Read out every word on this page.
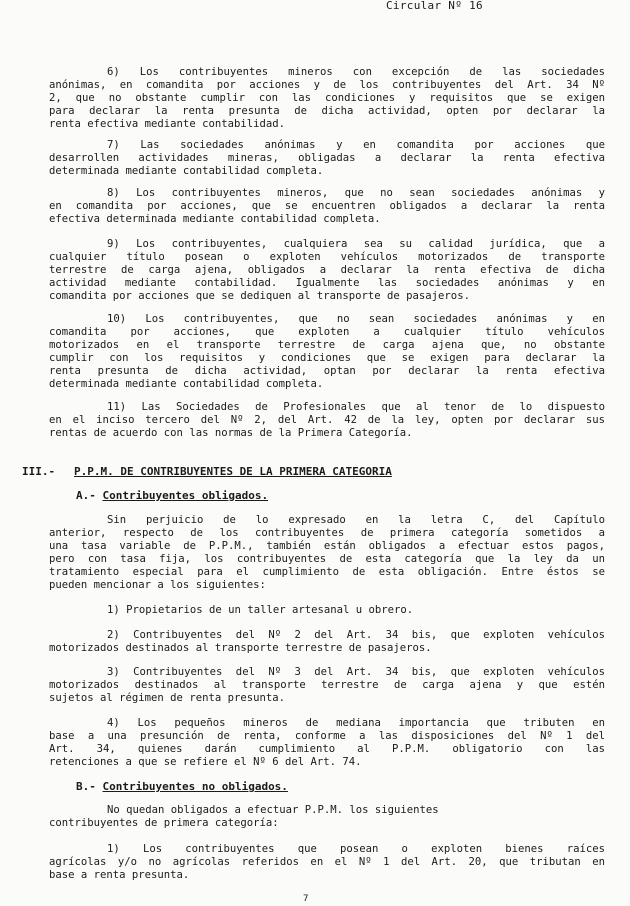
Circular Nº 16
6) Los contribuyentes mineros con excepción de las sociedades
anónimas, en comandita por acciones y de los contribuyentes del Art. 34 Nº
2, que no obstante cumplir con las condiciones y requisitos que se exigen
para declarar la renta presunta de dicha actividad, opten por declarar la
renta efectiva mediante contabilidad.
7) Las sociedades anónimas y en comandita por acciones que
desarrollen actividades mineras, obligadas a declarar la renta efectiva
determinada mediante contabilidad completa.
8) Los contribuyentes mineros, que no sean sociedades anónimas y
en comandita por acciones, que se encuentren obligados a declarar la renta
efectiva determinada mediante contabilidad completa.
9) Los contribuyentes, cualquiera sea su calidad jurídica, que a
cualquier título posean o exploten vehículos motorizados de transporte
terrestre de carga ajena, obligados a declarar la renta efectiva de dicha
actividad mediante contabilidad. Igualmente las sociedades anónimas y en
comandita por acciones que se dediquen al transporte de pasajeros.
10) Los contribuyentes, que no sean sociedades anónimas y en
comandita por acciones, que exploten a cualquier título vehículos
motorizados en el transporte terrestre de carga ajena que, no obstante
cumplir con los requisitos y condiciones que se exigen para declarar la
renta presunta de dicha actividad, optan por declarar la renta efectiva
determinada mediante contabilidad completa.
11) Las Sociedades de Profesionales que al tenor de lo dispuesto
en el inciso tercero del Nº 2, del Art. 42 de la ley, opten por declarar sus
rentas de acuerdo con las normas de la Primera Categoría.
Sin perjuicio de lo expresado en la letra C, del Capítulo
anterior, respecto de los contribuyentes de primera categoría sometidos a
una tasa variable de P.P.M., también están obligados a efectuar estos pagos,
pero con tasa fija, los contribuyentes de esta categoría que la ley da un
tratamiento especial para el cumplimiento de esta obligación. Entre éstos se
pueden mencionar a los siguientes:
1) Propietarios de un taller artesanal u obrero.
2) Contribuyentes del Nº 2 del Art. 34 bis, que exploten vehículos
motorizados destinados al transporte terrestre de pasajeros.
3) Contribuyentes del Nº 3 del Art. 34 bis, que exploten vehículos
motorizados destinados al transporte terrestre de carga ajena y que estén
sujetos al régimen de renta presunta.
4) Los pequeños mineros de mediana importancia que tributen en
base a una presunción de renta, conforme a las disposiciones del Nº 1 del
Art. 34, quienes darán cumplimiento al P.P.M. obligatorio con las
retenciones a que se refiere el Nº 6 del Art. 74.
No quedan obligados a efectuar P.P.M. los siguientes
contribuyentes de primera categoría:
1) Los contribuyentes que posean o exploten bienes raíces
agrícolas y/o no agrícolas referidos en el Nº 1 del Art. 20, que tributan en
base a renta presunta.
III.- P.P.M. DE CONTRIBUYENTES DE LA PRIMERA CATEGORIA
A.- Contribuyentes obligados.
B.- Contribuyentes no obligados.
7
